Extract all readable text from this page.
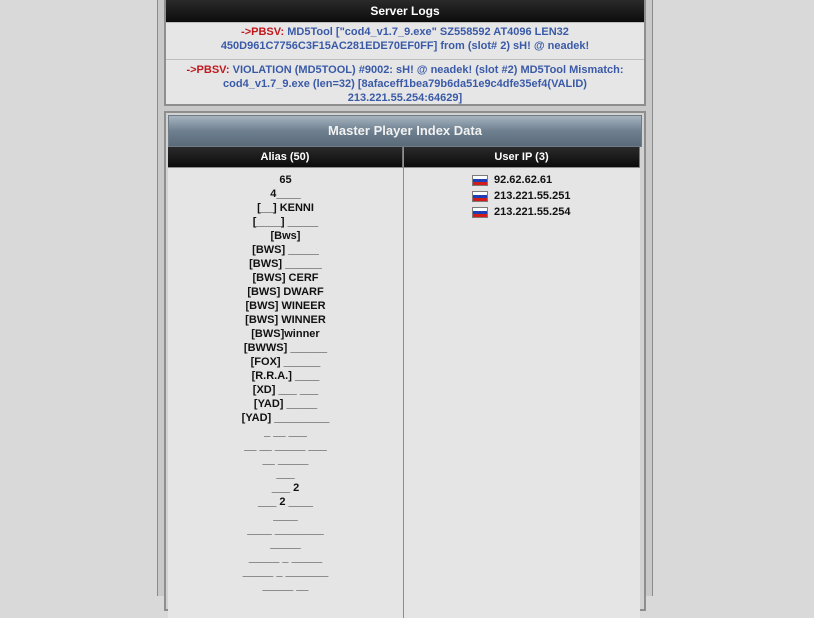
Server Logs
->PBSV: MD5Tool ["cod4_v1.7_9.exe" SZ558592 AT4096 LEN32 450D961C7756C3F15AC281EDE70EF0FF] from (slot# 2) sH! @ neadek!
->PBSV: VIOLATION (MD5TOOL) #9002: sH! @ neadek! (slot #2) MD5Tool Mismatch: cod4_v1.7_9.exe (len=32) [8afaceff1bea79b6da51e9c4dfe35ef4(VALID) 213.221.55.254:64629]
Master Player Index Data
Alias (50)
65
4____
[__] KENNI
[____] _____
[Bws]
[BWS] _____
[BWS] ______
[BWS] CERF
[BWS] DWARF
[BWS] WINEER
[BWS] WINNER
[BWS]winner
[BWWS] ______
[FOX] ______
[R.R.A.] ____
[XD] ___ ___
[YAD] _____
[YAD] _________
_ __ ___
__ __ _____ ___
__ _____
___
___ 2
___ 2 ____
____
____ ________
_____
_____ _ _____
_____ _ _______
_____ __
User IP (3)
92.62.62.61
213.221.55.251
213.221.55.254
